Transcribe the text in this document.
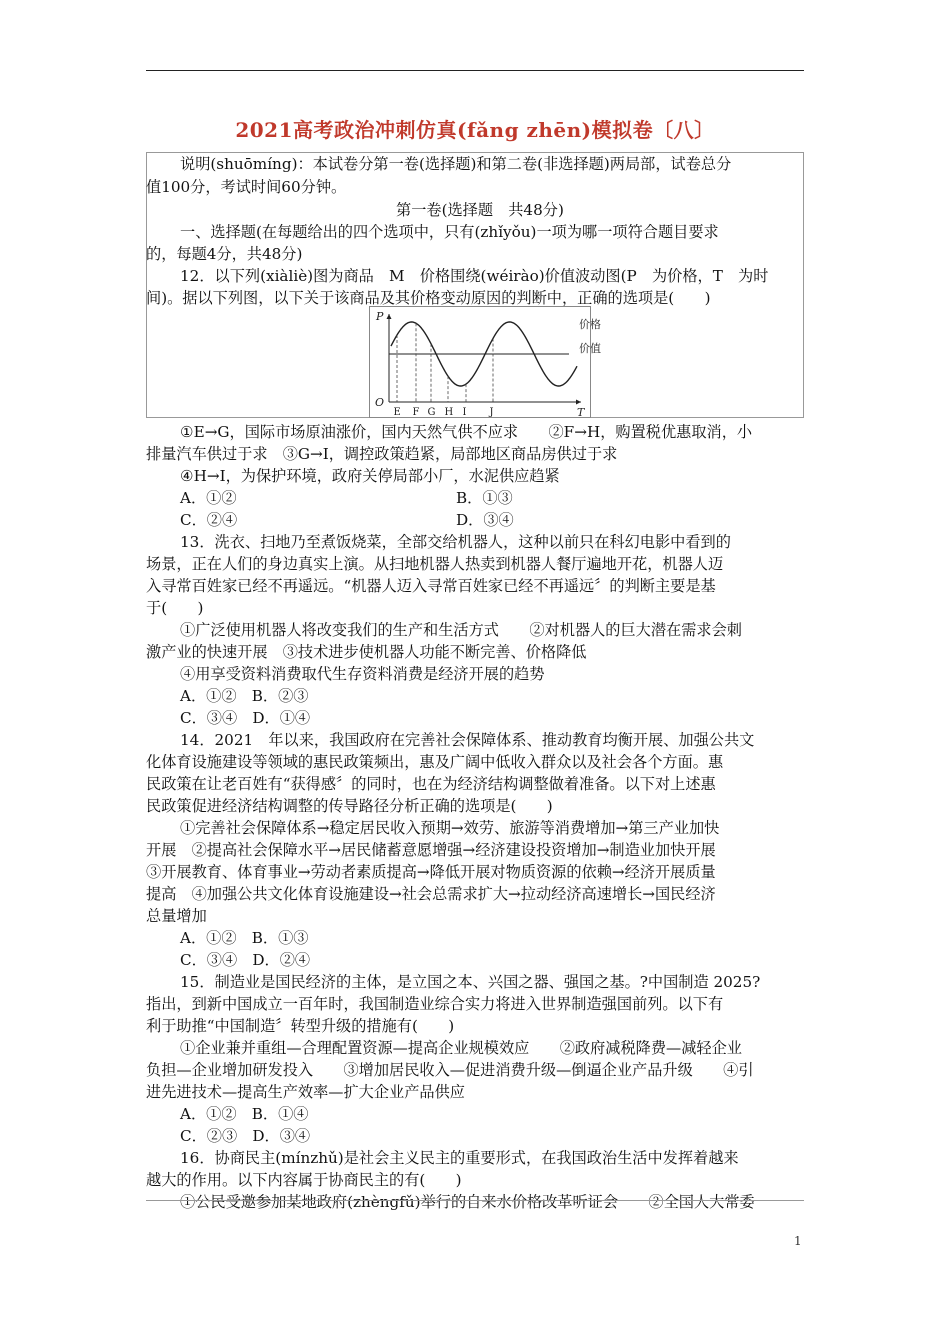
2021高考政治冲刺仿真(fǎng zhēn)模拟卷〔八〕
说明(shuōmíng)：本试卷分第一卷(选择题)和第二卷(非选择题)两局部，试卷总分
值100分，考试时间60分钟。
第一卷(选择题　共48分)
一、选择题(在每题给出的四个选项中，只有(zhǐyǒu)一项为哪一项符合题目要求
的，每题4分，共48分)
12．以下列(xiàliè)图为商品　M　价格围绕(wéirào)价值波动图(P　为价格，T　为时
间)。据以下列图，以下关于该商品及其价格变动原因的判断中，正确的选项是(　　)
①E→G，国际市场原油涨价，国内天然气供不应求　　②F→H，购置税优惠取消，小
排量汽车供过于求　③G→I，调控政策趋紧，局部地区商品房供过于求
④H→I，为保护环境，政府关停局部小厂，水泥供应趋紧
A．①②	B．①③
C．②④	D．③④
13．洗衣、扫地乃至煮饭烧菜，全部交给机器人，这种以前只在科幻电影中看到的
场景，正在人们的身边真实上演。从扫地机器人热卖到机器人餐厅遍地开花，机器人迈
入寻常百姓家已经不再遥远。“机器人迈入寻常百姓家已经不再遥远〞的判断主要是基
于(　　)
①广泛使用机器人将改变我们的生产和生活方式　　②对机器人的巨大潜在需求会刺
激产业的快速开展　③技术进步使机器人功能不断完善、价格降低
④用享受资料消费取代生存资料消费是经济开展的趋势
A．①②　B．②③
C．③④　D．①④
14．2021　年以来，我国政府在完善社会保障体系、推动教育均衡开展、加强公共文
化体育设施建设等领域的惠民政策频出，惠及广阔中低收入群众以及社会各个方面。惠
民政策在让老百姓有“获得感〞的同时，也在为经济结构调整做着准备。以下对上述惠
民政策促进经济结构调整的传导路径分析正确的选项是(　　)
①完善社会保障体系→稳定居民收入预期→效劳、旅游等消费增加→第三产业加快
开展　②提高社会保障水平→居民储蓄意愿增强→经济建设投资增加→制造业加快开展
③开展教育、体育事业→劳动者素质提高→降低开展对物质资源的依赖→经济开展质量
提高　④加强公共文化体育设施建设→社会总需求扩大→拉动经济高速增长→国民经济
总量增加
A．①②　B．①③
C．③④　D．②④
15．制造业是国民经济的主体，是立国之本、兴国之器、强国之基。?中国制造 2025?
指出，到新中国成立一百年时，我国制造业综合实力将进入世界制造强国前列。以下有
利于助推“中国制造〞转型升级的措施有(　　)
①企业兼并重组—合理配置资源—提高企业规模效应　　②政府减税降费—减轻企业
负担—企业增加研发投入　　③增加居民收入—促进消费升级—倒逼企业产品升级　　④引
进先进技术—提高生产效率—扩大企业产品供应
A．①②　B．①④
C．②③　D．③④
16．协商民主(mínzhǔ)是社会主义民主的重要形式，在我国政治生活中发挥着越来
越大的作用。以下内容属于协商民主的有(　　)
①公民受邀参加某地政府(zhèngfǔ)举行的自来水价格改革听证会　　②全国人大常委
P
T
O
价格
价值
E F G H I J
1
